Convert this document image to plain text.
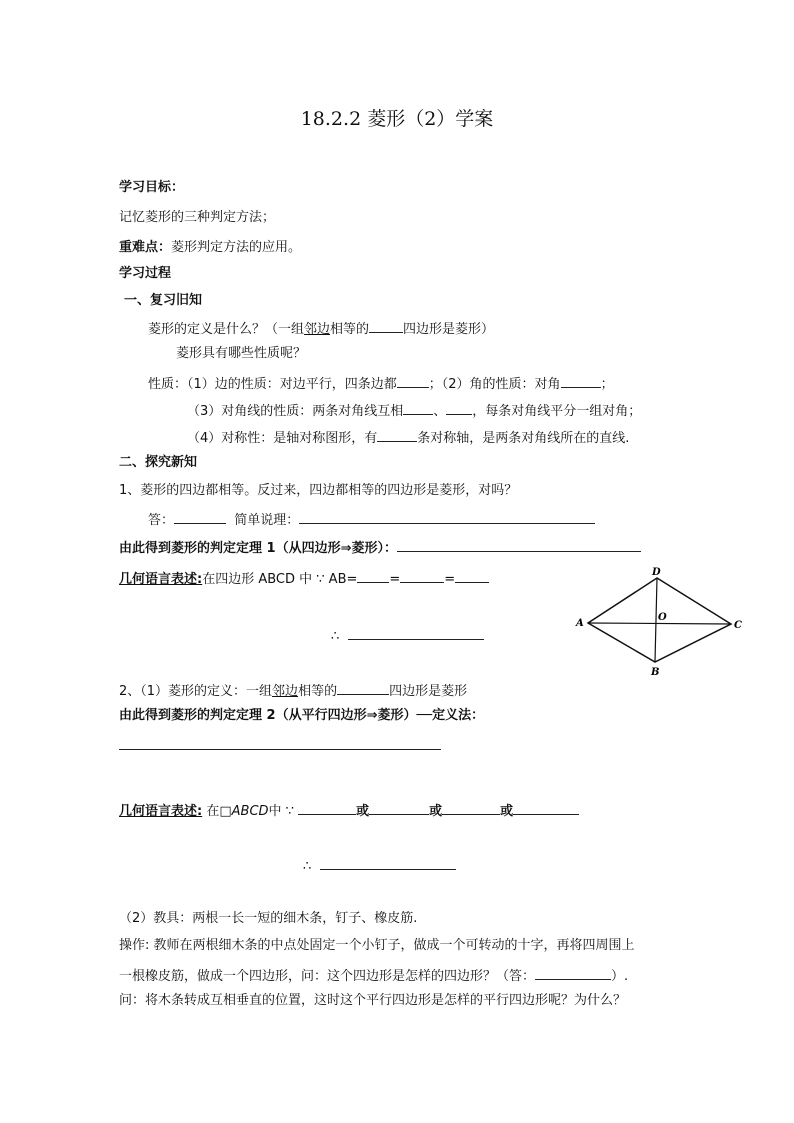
18.2.2 菱形（2）学案
学习目标：
记忆菱形的三种判定方法；
重难点：菱形判定方法的应用。
学习过程
一、复习旧知
菱形的定义是什么？（一组邻边相等的	四边形是菱形）
菱形具有哪些性质呢？
性质：（1）边的性质：对边平行，四条边都 ；（2）角的性质：对角	；
（3）对角线的性质：两条对角线互相 、 ，每条对角线平分一组对角；
（4）对称性：是轴对称图形，有	条对称轴，是两条对角线所在的直线.
二、探究新知
1、菱形的四边都相等。反过来，四边都相等的四边形是菱形，对吗？
答：	简单说理：
由此得到菱形的判定定理 1（从四边形⇒菱形）：
几何语言表述:在四边形 ABCD 中 ∵ AB= =	=
∴
A
B
C
D
O
2、（1）菱形的定义：一组邻边相等的	四边形是菱形
由此得到菱形的判定定理 2（从平行四边形⇒菱形）──定义法：
几何语言表述: 在□ABCD中 ∵	或	或	或
∴
（2）教具：两根一长一短的细木条，钉子、橡皮筋.
操作: 教师在两根细木条的中点处固定一个小钉子，做成一个可转动的十字，再将四周围上
一根橡皮筋，做成一个四边形，问：这个四边形是怎样的四边形？（答：	）.
问：将木条转成互相垂直的位置，这时这个平行四边形是怎样的平行四边形呢？为什么？
